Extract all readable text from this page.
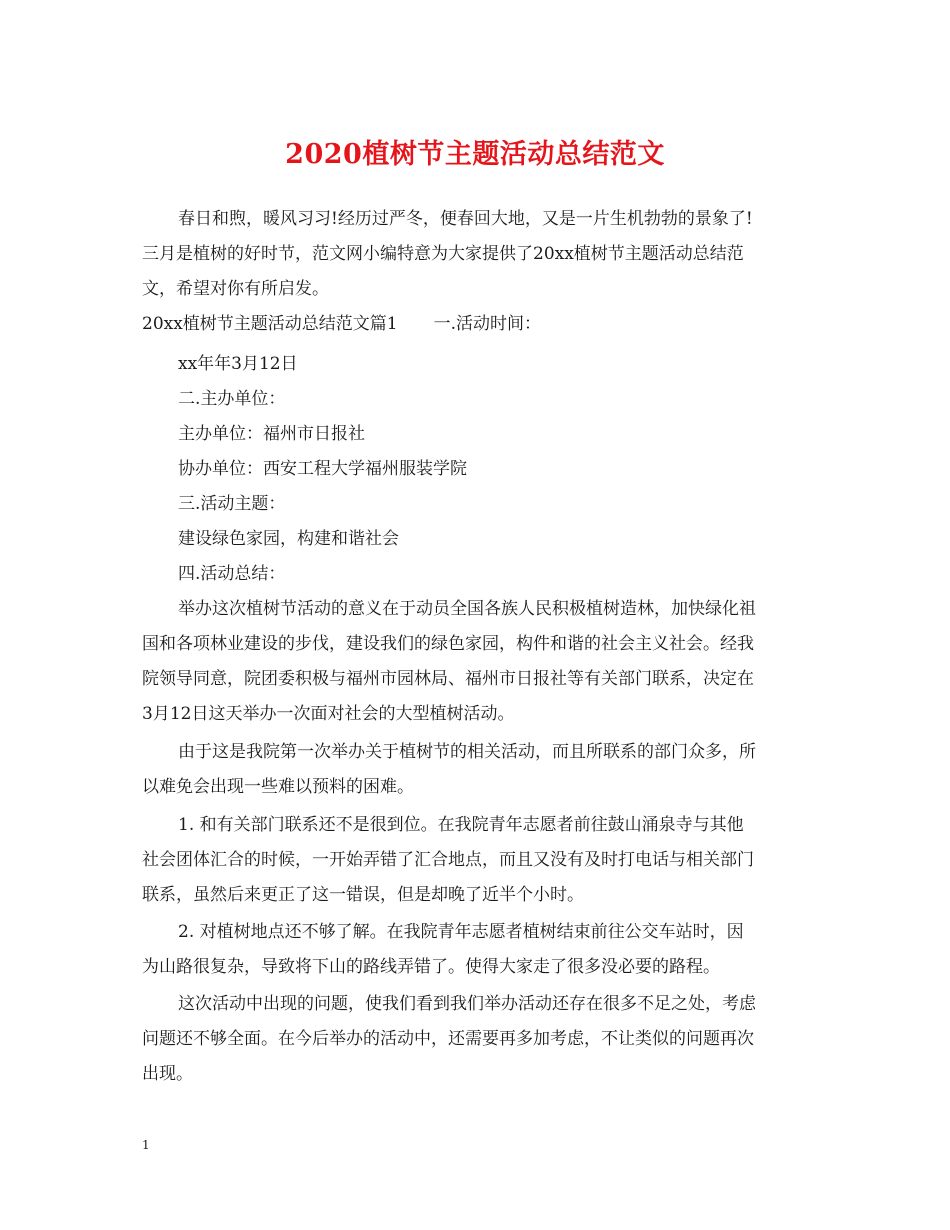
2020植树节主题活动总结范文
春日和煦，暖风习习!经历过严冬，便春回大地，又是一片生机勃勃的景象了!
三月是植树的好时节，范文网小编特意为大家提供了20xx植树节主题活动总结范
文，希望对你有所启发。
20xx植树节主题活动总结范文篇1 一.活动时间：
xx年年3月12日
二.主办单位：
主办单位：福州市日报社
协办单位：西安工程大学福州服装学院
三.活动主题：
建设绿色家园，构建和谐社会
四.活动总结：
举办这次植树节活动的意义在于动员全国各族人民积极植树造林，加快绿化祖
国和各项林业建设的步伐，建设我们的绿色家园，构件和谐的社会主义社会。经我
院领导同意，院团委积极与福州市园林局、福州市日报社等有关部门联系，决定在
3月12日这天举办一次面对社会的大型植树活动。
由于这是我院第一次举办关于植树节的相关活动，而且所联系的部门众多，所
以难免会出现一些难以预料的困难。
1. 和有关部门联系还不是很到位。在我院青年志愿者前往鼓山涌泉寺与其他
社会团体汇合的时候，一开始弄错了汇合地点，而且又没有及时打电话与相关部门
联系，虽然后来更正了这一错误，但是却晚了近半个小时。
2. 对植树地点还不够了解。在我院青年志愿者植树结束前往公交车站时，因
为山路很复杂，导致将下山的路线弄错了。使得大家走了很多没必要的路程。
这次活动中出现的问题，使我们看到我们举办活动还存在很多不足之处，考虑
问题还不够全面。在今后举办的活动中，还需要再多加考虑，不让类似的问题再次
出现。
1
